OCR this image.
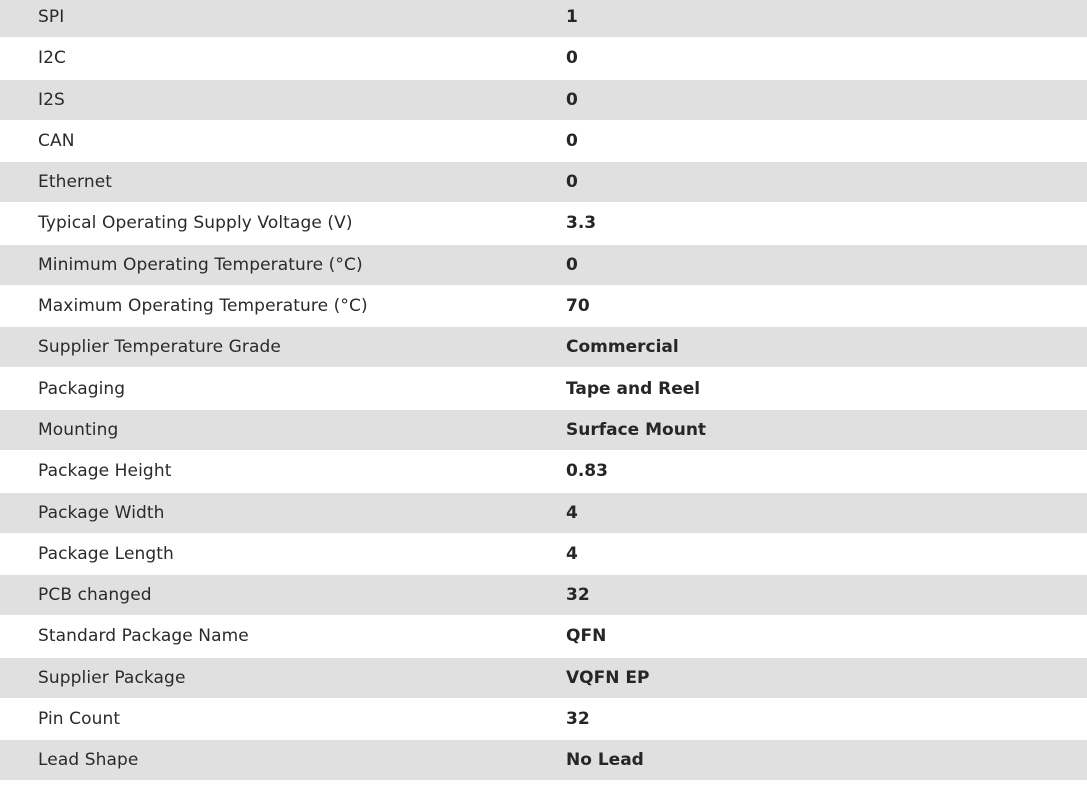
SPI	1
I2C	0
I2S	0
CAN	0
Ethernet	0
Typical Operating Supply Voltage (V)	3.3
Minimum Operating Temperature (°C)	0
Maximum Operating Temperature (°C)	70
Supplier Temperature Grade	Commercial
Packaging	Tape and Reel
Mounting	Surface Mount
Package Height	0.83
Package Width	4
Package Length	4
PCB changed	32
Standard Package Name	QFN
Supplier Package	VQFN EP
Pin Count	32
Lead Shape	No Lead
